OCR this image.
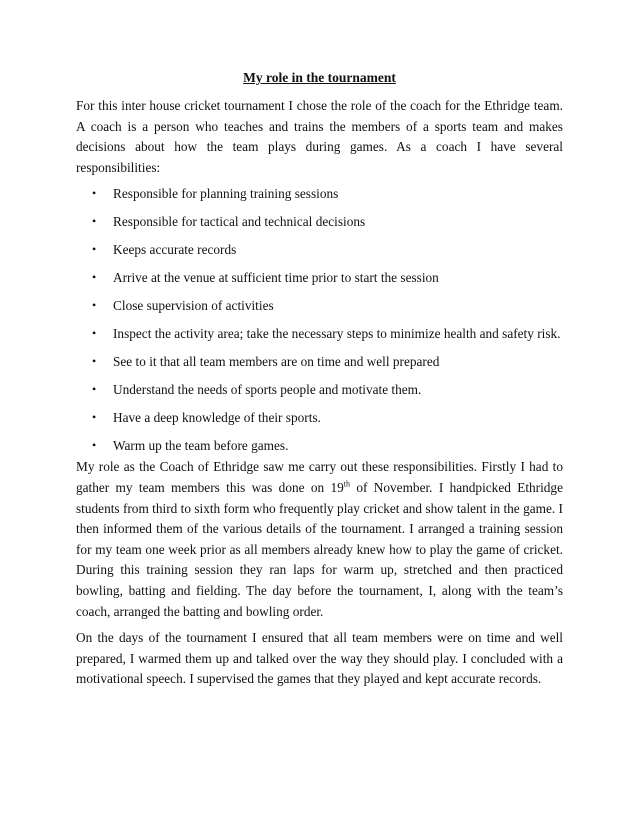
My role in the tournament

For this inter house cricket tournament I chose the role of the coach for the Ethridge team. A coach is a person who teaches and trains the members of a sports team and makes decisions about how the team plays during games. As a coach I have several responsibilities:

• Responsible for planning training sessions
• Responsible for tactical and technical decisions
• Keeps accurate records
• Arrive at the venue at sufficient time prior to start the session
• Close supervision of activities
• Inspect the activity area; take the necessary steps to minimize health and safety risk.
• See to it that all team members are on time and well prepared
• Understand the needs of sports people and motivate them.
• Have a deep knowledge of their sports.
• Warm up the team before games.

My role as the Coach of Ethridge saw me carry out these responsibilities. Firstly I had to gather my team members this was done on 19th of November. I handpicked Ethridge students from third to sixth form who frequently play cricket and show talent in the game. I then informed them of the various details of the tournament. I arranged a training session for my team one week prior as all members already knew how to play the game of cricket. During this training session they ran laps for warm up, stretched and then practiced bowling, batting and fielding. The day before the tournament, I, along with the team’s coach, arranged the batting and bowling order.

On the days of the tournament I ensured that all team members were on time and well prepared, I warmed them up and talked over the way they should play. I concluded with a motivational speech. I supervised the games that they played and kept accurate records.
